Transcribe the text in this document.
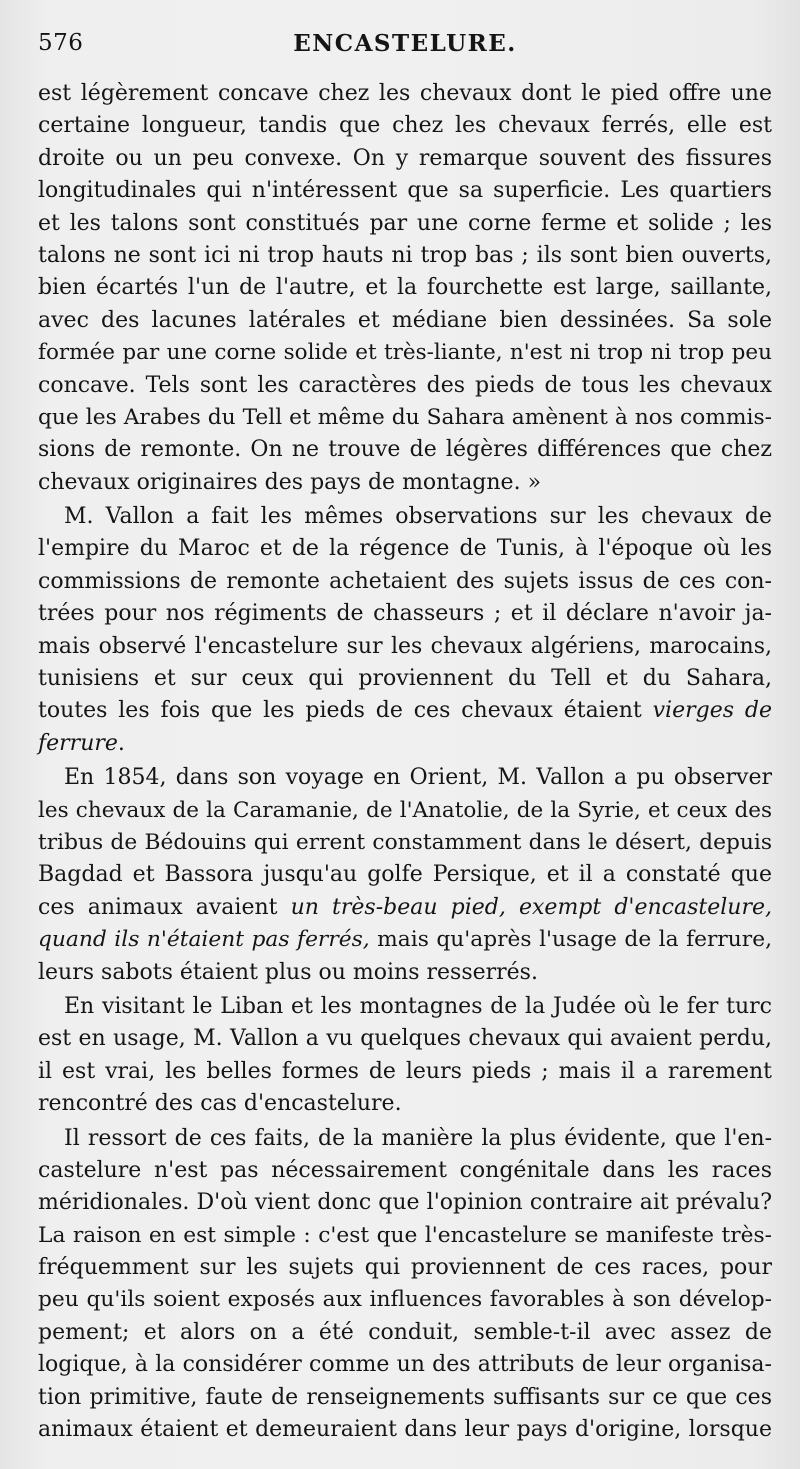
576	ENCASTELURE.
est légèrement concave chez les chevaux dont le pied offre une
certaine longueur, tandis que chez les chevaux ferrés, elle est
droite ou un peu convexe. On y remarque souvent des fissures
longitudinales qui n'intéressent que sa superficie. Les quartiers
et les talons sont constitués par une corne ferme et solide ; les
talons ne sont ici ni trop hauts ni trop bas ; ils sont bien ouverts,
bien écartés l'un de l'autre, et la fourchette est large, saillante,
avec des lacunes latérales et médiane bien dessinées. Sa sole
formée par une corne solide et très-liante, n'est ni trop ni trop peu
concave. Tels sont les caractères des pieds de tous les chevaux
que les Arabes du Tell et même du Sahara amènent à nos commis-
sions de remonte. On ne trouve de légères différences que chez
chevaux originaires des pays de montagne. »
M. Vallon a fait les mêmes observations sur les chevaux de
l'empire du Maroc et de la régence de Tunis, à l'époque où les
commissions de remonte achetaient des sujets issus de ces con-
trées pour nos régiments de chasseurs ; et il déclare n'avoir ja-
mais observé l'encastelure sur les chevaux algériens, marocains,
tunisiens et sur ceux qui proviennent du Tell et du Sahara,
toutes les fois que les pieds de ces chevaux étaient vierges de
ferrure.
En 1854, dans son voyage en Orient, M. Vallon a pu observer
les chevaux de la Caramanie, de l'Anatolie, de la Syrie, et ceux des
tribus de Bédouins qui errent constamment dans le désert, depuis
Bagdad et Bassora jusqu'au golfe Persique, et il a constaté que
ces animaux avaient un très-beau pied, exempt d'encastelure,
quand ils n'étaient pas ferrés, mais qu'après l'usage de la ferrure,
leurs sabots étaient plus ou moins resserrés.
En visitant le Liban et les montagnes de la Judée où le fer turc
est en usage, M. Vallon a vu quelques chevaux qui avaient perdu,
il est vrai, les belles formes de leurs pieds ; mais il a rarement
rencontré des cas d'encastelure.
Il ressort de ces faits, de la manière la plus évidente, que l'en-
castelure n'est pas nécessairement congénitale dans les races
méridionales. D'où vient donc que l'opinion contraire ait prévalu?
La raison en est simple : c'est que l'encastelure se manifeste très-
fréquemment sur les sujets qui proviennent de ces races, pour
peu qu'ils soient exposés aux influences favorables à son dévelop-
pement; et alors on a été conduit, semble-t-il avec assez de
logique, à la considérer comme un des attributs de leur organisa-
tion primitive, faute de renseignements suffisants sur ce que ces
animaux étaient et demeuraient dans leur pays d'origine, lorsque
